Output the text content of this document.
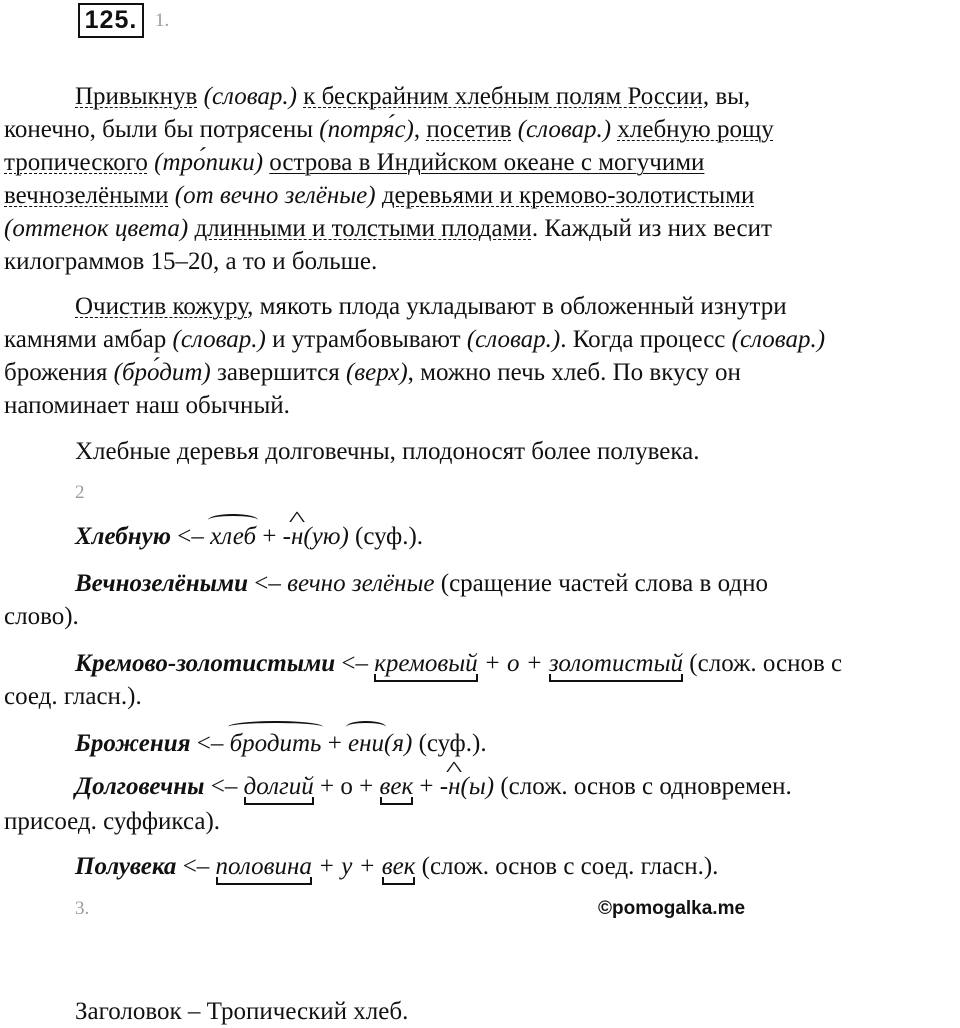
125. 1.
Привыкнув (словар.) к бескрайним хлебным полям России, вы,
конечно, были бы потрясены (потря́с), посетив (словар.) хлебную рощу
тропического (тро́пики) острова в Индийском океане с могучими
вечнозелёными (от вечно зелёные) деревьями и кремово-золотистыми
(оттенок цвета) длинными и толстыми плодами. Каждый из них весит
килограммов 15–20, а то и больше.
Очистив кожуру, мякоть плода укладывают в обложенный изнутри
камнями амбар (словар.) и утрамбовывают (словар.). Когда процесс (словар.)
брожения (бро́дит) завершится (верх), можно печь хлеб. По вкусу он
напоминает наш обычный.
Хлебные деревья долговечны, плодоносят более полувека.
2
Хлебную <– хлеб + -^ н(ую) (суф.).
Вечнозелёными <– вечно зелёные (сращение частей слова в одно
слово).
Кремово-золотистыми <– кремовый + о + золотистый (слож. основ с
соед. гласн.).
Брожения <– бродить + ени(я) (суф.).
Долговечны <– долгий + о + век + -^ н(ы) (слож. основ с одновремен.
присоед. суффикса).
Полувека <– половина + у + век (слож. основ с соед. гласн.).
3.	©pomogalka.me
Заголовок – Тропический хлеб.
